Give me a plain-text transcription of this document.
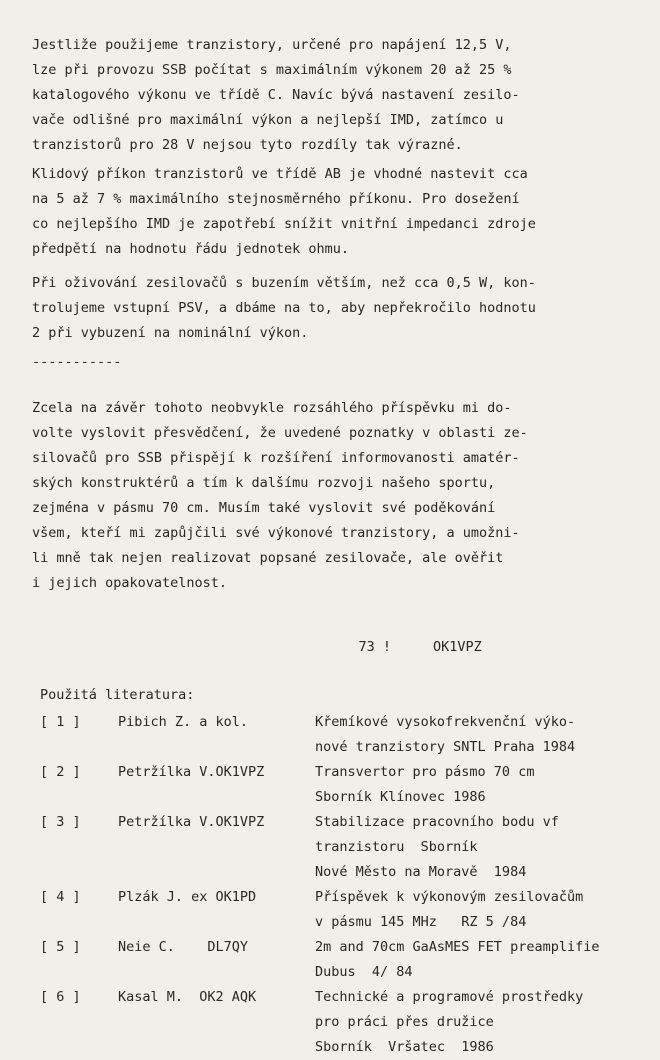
Jestliže použijeme tranzistory, určené pro napájení 12,5 V,
lze při provozu SSB počítat s maximálním výkonem 20 až 25 %
katalogového výkonu ve třídě C. Navíc bývá nastavení zesilo-
vače odlišné pro maximální výkon a nejlepší IMD, zatímco u
tranzistorů pro 28 V nejsou tyto rozdíly tak výrazné.
Klidový příkon tranzistorů ve třídě AB je vhodné nastevit cca
na 5 až 7 % maximálního stejnosměrného příkonu. Pro dosežení
co nejlepšího IMD je zapotřebí snížit vnitřní impedanci zdroje
předpětí na hodnotu řádu jednotek ohmu.
Při oživování zesilovačů s buzením větším, než cca 0,5 W, kon-
trolujeme vstupní PSV, a dbáme na to, aby nepřekročilo hodnotu
2 při vybuzení na nominální výkon.
-----------
Zcela na závěr tohoto neobvykle rozsáhlého příspěvku mi do-
volte vyslovit přesvědčení, že uvedené poznatky v oblasti ze-
silovačů pro SSB přispějí k rozšíření informovanosti amatér-
ských konstruktérů a tím k dalšímu rozvoji našeho sportu,
zejména v pásmu 70 cm. Musím také vyslovit své poděkování
všem, kteří mi zapůjčili své výkonové tranzistory, a umožni-
li mně tak nejen realizovat popsané zesilovače, ale ověřit
i jejich opakovatelnost.

73 !	OK1VPZ

Použitá literatura:
[ 1 ]	Pibich Z. a kol.	Křemíkové vysokofrekvenční výko-
nové tranzistory SNTL Praha 1984
[ 2 ]	Petržílka V.OK1VPZ	Transvertor pro pásmo 70 cm
Sborník Klínovec 1986
[ 3 ]	Petržílka V.OK1VPZ	Stabilizace pracovního bodu vf
tranzistoru  Sborník
Nové Město na Moravě  1984
[ 4 ]	Plzák J. ex OK1PD	Příspěvek k výkonovým zesilovačům
v pásmu 145 MHz   RZ 5 /84
[ 5 ]	Neie C.    DL7QY	2m and 70cm GaAsMES FET preamplifie
Dubus  4/ 84
[ 6 ]	Kasal M.  OK2 AQK	Technické a programové prostředky
pro práci přes družice
Sborník  Vršatec  1986
